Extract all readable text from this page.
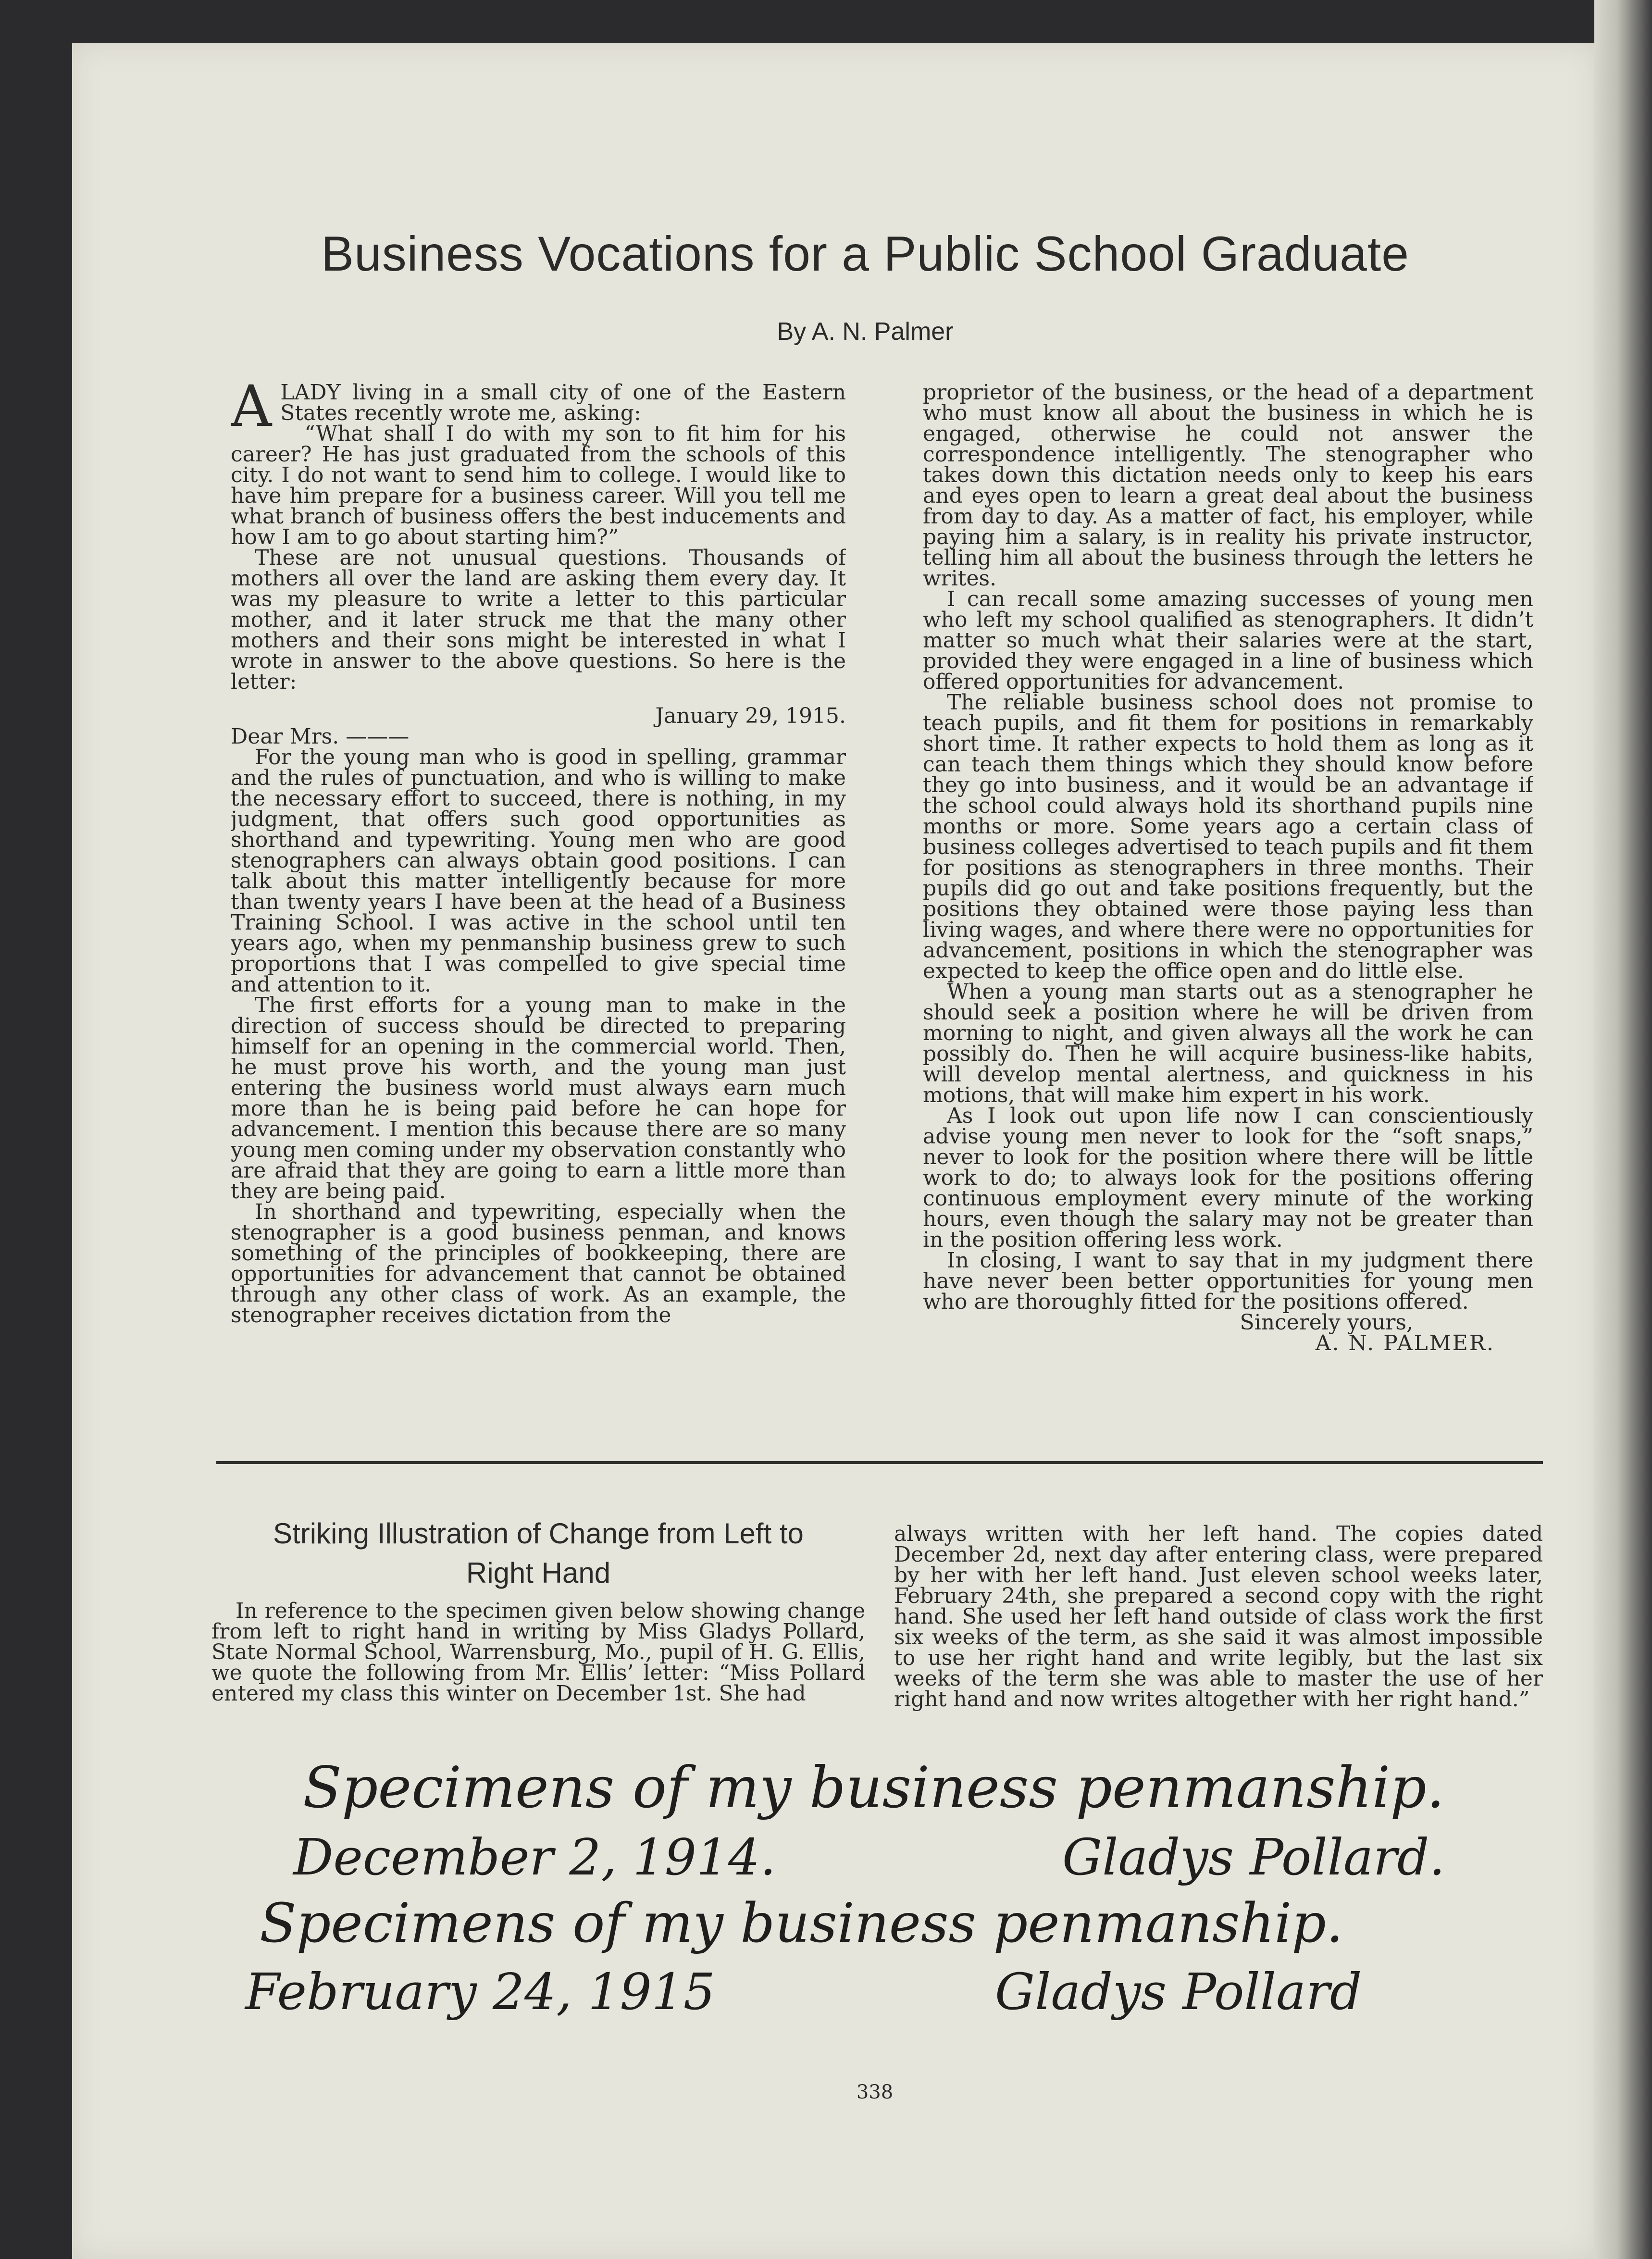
Business Vocations for a Public School Graduate
By A. N. Palmer

ALADY living in a small city of one of the Eastern States recently wrote me, asking:

“What shall I do with my son to fit him for his career? He has just graduated from the schools of this city. I do not want to send him to college. I would like to have him prepare for a business career. Will you tell me what branch of business offers the best inducements and how I am to go about starting him?”

These are not unusual questions. Thousands of mothers all over the land are asking them every day. It was my pleasure to write a letter to this particular mother, and it later struck me that the many other mothers and their sons might be interested in what I wrote in answer to the above questions. So here is the letter:

January 29, 1915.

Dear Mrs. ———

For the young man who is good in spelling, grammar and the rules of punctuation, and who is willing to make the necessary effort to succeed, there is nothing, in my judgment, that offers such good opportunities as shorthand and typewriting. Young men who are good stenographers can always obtain good positions. I can talk about this matter intelligently because for more than twenty years I have been at the head of a Business Training School. I was active in the school until ten years ago, when my penmanship business grew to such proportions that I was compelled to give special time and attention to it.

The first efforts for a young man to make in the direction of success should be directed to preparing himself for an opening in the commercial world. Then, he must prove his worth, and the young man just entering the business world must always earn much more than he is being paid before he can hope for advancement. I mention this because there are so many young men coming under my observation constantly who are afraid that they are going to earn a little more than they are being paid.

In shorthand and typewriting, especially when the stenographer is a good business penman, and knows something of the principles of bookkeeping, there are opportunities for advancement that cannot be obtained through any other class of work. As an example, the stenographer receives dictation from the

proprietor of the business, or the head of a department who must know all about the business in which he is engaged, otherwise he could not answer the correspondence intelligently. The stenographer who takes down this dictation needs only to keep his ears and eyes open to learn a great deal about the business from day to day. As a matter of fact, his employer, while paying him a salary, is in reality his private instructor, telling him all about the business through the letters he writes.

I can recall some amazing successes of young men who left my school qualified as stenographers. It didn’t matter so much what their salaries were at the start, provided they were engaged in a line of business which offered opportunities for advancement.

The reliable business school does not promise to teach pupils, and fit them for positions in remarkably short time. It rather expects to hold them as long as it can teach them things which they should know before they go into business, and it would be an advantage if the school could always hold its shorthand pupils nine months or more. Some years ago a certain class of business colleges advertised to teach pupils and fit them for positions as stenographers in three months. Their pupils did go out and take positions frequently, but the positions they obtained were those paying less than living wages, and where there were no opportunities for advancement, positions in which the stenographer was expected to keep the office open and do little else.

When a young man starts out as a stenographer he should seek a position where he will be driven from morning to night, and given always all the work he can possibly do. Then he will acquire business-like habits, will develop mental alertness, and quickness in his motions, that will make him expert in his work.

As I look out upon life now I can conscientiously advise young men never to look for the “soft snaps,” never to look for the position where there will be little work to do; to always look for the positions offering continuous employment every minute of the working hours, even though the salary may not be greater than in the position offering less work.

In closing, I want to say that in my judgment there have never been better opportunities for young men who are thoroughly fitted for the positions offered.

Sincerely yours,

A. N. PALMER.

Striking Illustration of Change from Left to
Right Hand

In reference to the specimen given below showing change from left to right hand in writing by Miss Gladys Pollard, State Normal School, Warrensburg, Mo., pupil of H. G. Ellis, we quote the following from Mr. Ellis’ letter: “Miss Pollard entered my class this winter on December 1st. She had

always written with her left hand. The copies dated December 2d, next day after entering class, were prepared by her with her left hand. Just eleven school weeks later, February 24th, she prepared a second copy with the right hand. She used her left hand outside of class work the first six weeks of the term, as she said it was almost impossible to use her right hand and write legibly, but the last six weeks of the term she was able to master the use of her right hand and now writes altogether with her right hand.”

Specimens of my business penmanship.
December 2, 1914.	Gladys Pollard.
Specimens of my business penmanship.
February 24, 1915	Gladys Pollard
338
